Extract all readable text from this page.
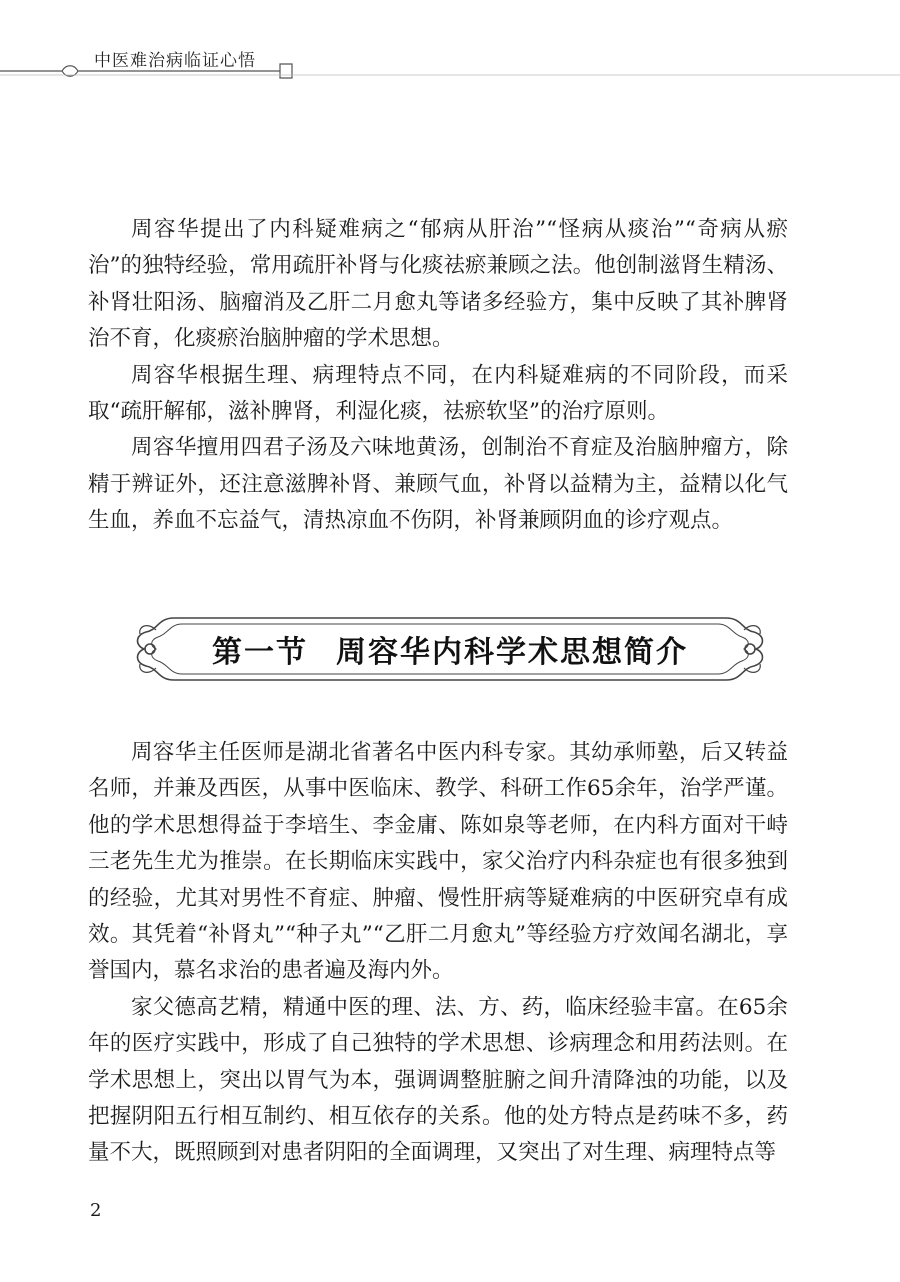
中医难治病临证心悟

周容华提出了内科疑难病之“郁病从肝治”“怪病从痰治”“奇病从瘀治”的独特经验，常用疏肝补肾与化痰祛瘀兼顾之法。他创制滋肾生精汤、补肾壮阳汤、脑瘤消及乙肝二月愈丸等诸多经验方，集中反映了其补脾肾治不育，化痰瘀治脑肿瘤的学术思想。

周容华根据生理、病理特点不同，在内科疑难病的不同阶段，而采取“疏肝解郁，滋补脾肾，利湿化痰，祛瘀软坚”的治疗原则。

周容华擅用四君子汤及六味地黄汤，创制治不育症及治脑肿瘤方，除精于辨证外，还注意滋脾补肾、兼顾气血，补肾以益精为主，益精以化气生血，养血不忘益气，清热凉血不伤阴，补肾兼顾阴血的诊疗观点。

第一节 周容华内科学术思想简介

周容华主任医师是湖北省著名中医内科专家。其幼承师塾，后又转益名师，并兼及西医，从事中医临床、教学、科研工作65余年，治学严谨。他的学术思想得益于李培生、李金庸、陈如泉等老师，在内科方面对干峙三老先生尤为推崇。在长期临床实践中，家父治疗内科杂症也有很多独到的经验，尤其对男性不育症、肿瘤、慢性肝病等疑难病的中医研究卓有成效。其凭着“补肾丸”“种子丸”“乙肝二月愈丸”等经验方疗效闻名湖北，享誉国内，慕名求治的患者遍及海内外。

家父德高艺精，精通中医的理、法、方、药，临床经验丰富。在65余年的医疗实践中，形成了自己独特的学术思想、诊病理念和用药法则。在学术思想上，突出以胃气为本，强调调整脏腑之间升清降浊的功能，以及把握阴阳五行相互制约、相互依存的关系。他的处方特点是药味不多，药量不大，既照顾到对患者阴阳的全面调理，又突出了对生理、病理特点等

2
